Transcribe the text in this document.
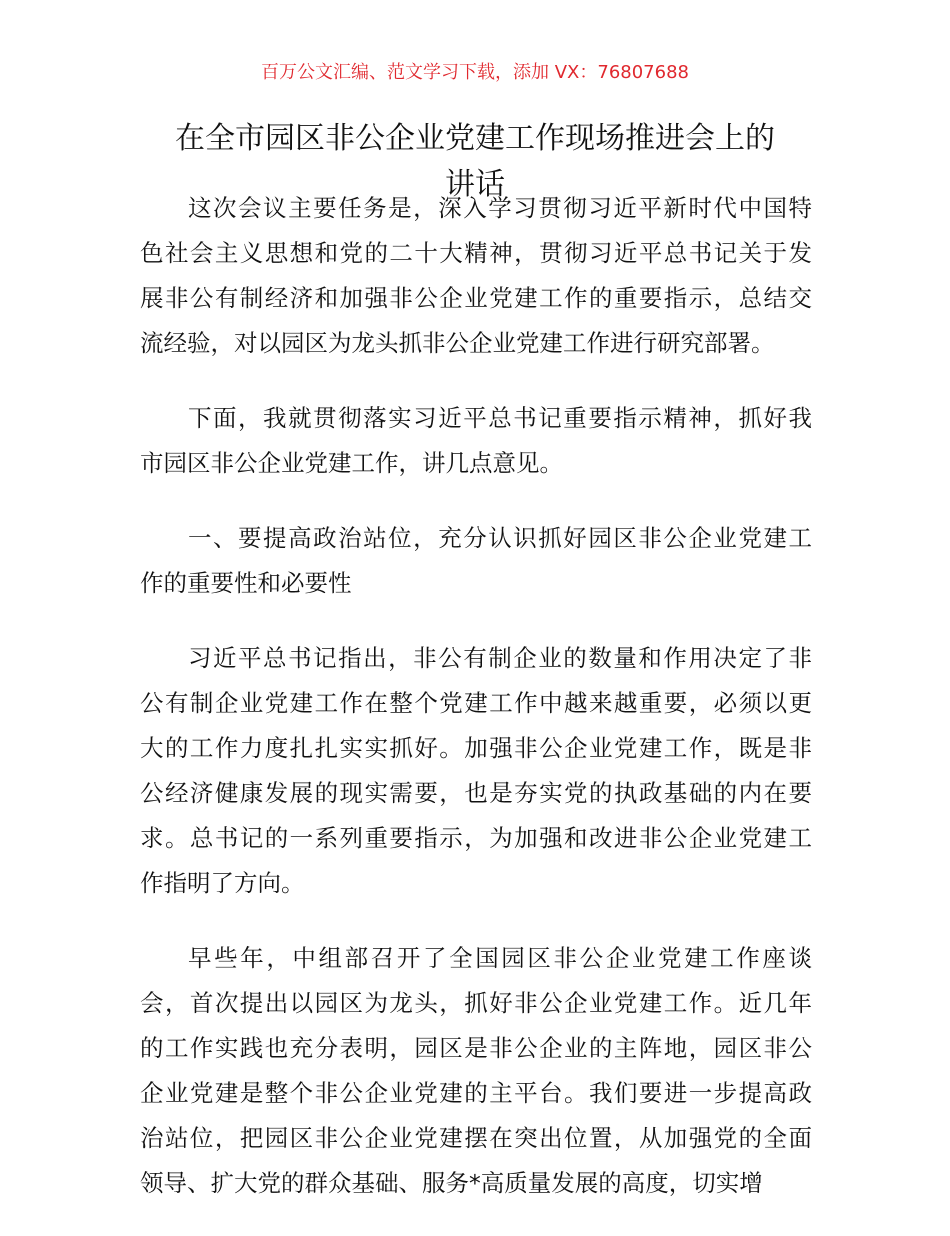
百万公文汇编、范文学习下载，添加 VX：76807688
在全市园区非公企业党建工作现场推进会上的
讲话
这次会议主要任务是，深入学习贯彻习近平新时代中国特
色社会主义思想和党的二十大精神，贯彻习近平总书记关于发
展非公有制经济和加强非公企业党建工作的重要指示，总结交
流经验，对以园区为龙头抓非公企业党建工作进行研究部署。
下面，我就贯彻落实习近平总书记重要指示精神，抓好我
市园区非公企业党建工作，讲几点意见。
一、要提高政治站位，充分认识抓好园区非公企业党建工
作的重要性和必要性
习近平总书记指出，非公有制企业的数量和作用决定了非
公有制企业党建工作在整个党建工作中越来越重要，必须以更
大的工作力度扎扎实实抓好。加强非公企业党建工作，既是非
公经济健康发展的现实需要，也是夯实党的执政基础的内在要
求。总书记的一系列重要指示，为加强和改进非公企业党建工
作指明了方向。
早些年，中组部召开了全国园区非公企业党建工作座谈
会，首次提出以园区为龙头，抓好非公企业党建工作。近几年
的工作实践也充分表明，园区是非公企业的主阵地，园区非公
企业党建是整个非公企业党建的主平台。我们要进一步提高政
治站位，把园区非公企业党建摆在突出位置，从加强党的全面
领导、扩大党的群众基础、服务*高质量发展的高度，切实增
